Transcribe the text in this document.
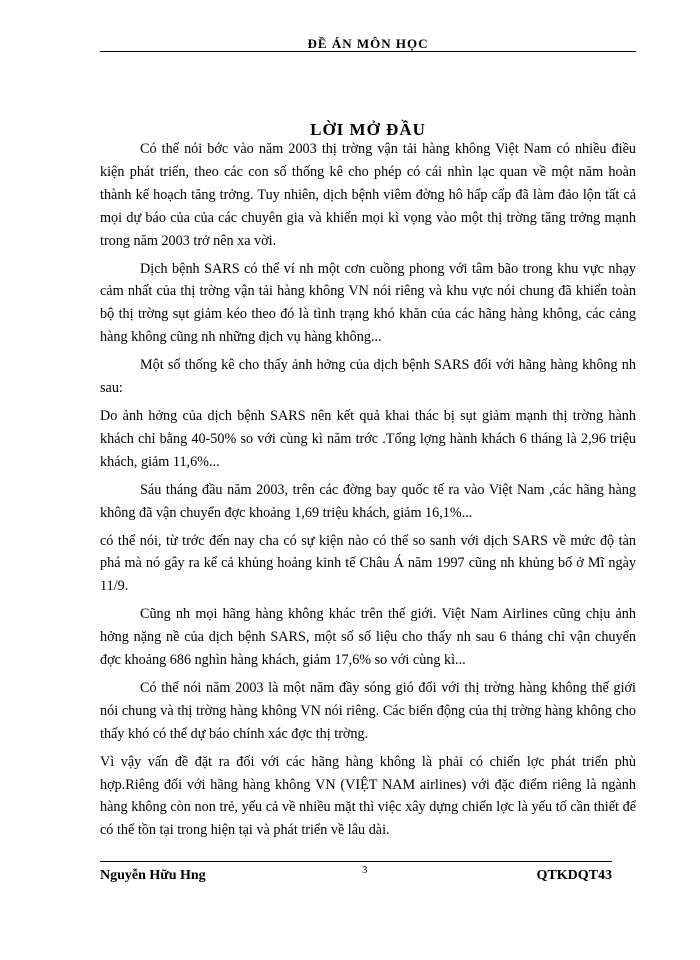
ĐỀ ÁN MÔN HỌC
LỜI MỞ ĐẦU

Có thể nói bớc vào năm 2003 thị trờng vận tải hàng không Việt Nam có nhiều điều kiện phát triển, theo các con số thống kê cho phép có cái nhìn lạc quan về một năm hoàn thành kế hoạch tăng trởng. Tuy nhiên, dịch bệnh viêm đờng hô hấp cấp đã làm đảo lộn tất cả mọi dự báo của của các chuyên gia và khiến mọi kì vọng vào một thị trờng tăng trởng mạnh trong năm 2003 trở nên xa vời.

Dịch bệnh SARS có thể ví nh một cơn cuồng phong với tâm bão trong khu vực nhạy cảm nhất của thị trờng vận tải hàng không VN nói riêng và khu vực nói chung đã khiến toàn bộ thị trờng sụt giảm kéo theo đó là tình trạng khó khăn của các hãng hàng không, các cảng hàng không cũng nh những dịch vụ hàng không...

Một số thống kê cho thấy ảnh hởng của dịch bệnh SARS đối với hãng hàng không nh sau:

Do ảnh hởng của dịch bệnh SARS nên kết quả khai thác bị sụt giảm mạnh thị trờng hành khách chỉ bằng 40-50% so với cùng kì năm trớc .Tổng lợng hành khách 6 tháng là 2,96 triệu khách, giảm 11,6%...

Sáu tháng đầu năm 2003, trên các đờng bay quốc tế ra vào Việt Nam ,các hãng hàng không đã vận chuyển đợc khoảng 1,69 triệu khách, giảm 16,1%...

có thể nói, từ trớc đến nay cha có sự kiện nào có thể so sanh với dịch SARS về mức độ tàn phá mà nó gây ra kể cả khủng hoảng kinh tế Châu Á năm 1997 cũng nh khủng bố ở Mĩ ngày 11/9.

Cũng nh mọi hãng hàng không khác trên thế giới. Việt Nam Airlines cũng chịu ảnh hởng nặng nề của dịch bệnh SARS, một số số liệu cho thấy nh sau 6 tháng chỉ vận chuyển đợc khoảng 686 nghìn hàng khách, giảm 17,6% so với cùng kì...

Có thể nói năm 2003 là một năm đầy sóng gió đối với thị trờng hàng không thế giới nói chung và thị trờng hàng không VN nói riêng. Các biến động của thị trờng hàng không cho thấy khó có thể dự báo chính xác đợc thị trờng.

Vì vậy vấn đề đặt ra đối với các hãng hàng không là phải có chiến lợc phát triển phù hợp.Riêng đối với hãng hàng không VN (VIỆT NAM airlines) với đặc điểm riêng là ngành hàng không còn non trẻ, yếu cả về nhiều mặt thì việc xây dựng chiến lợc là yếu tố cần thiết để có thể tồn tại trong hiện tại và phát triển về lâu dài.

Nguyễn Hữu Hng	3	QTKDQT43
